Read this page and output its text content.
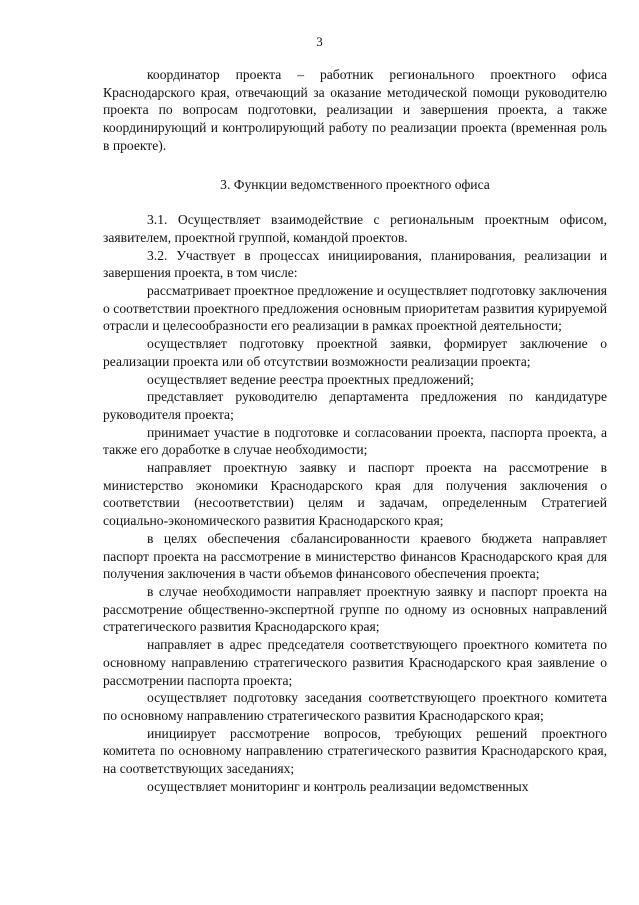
3

координатор проекта – работник регионального проектного офиса Краснодарского края, отвечающий за оказание методической помощи руководителю проекта по вопросам подготовки, реализации и завершения проекта, а также координирующий и контролирующий работу по реализации проекта (временная роль в проекте).

3. Функции ведомственного проектного офиса

3.1. Осуществляет взаимодействие с региональным проектным офисом, заявителем, проектной группой, командой проектов.

3.2. Участвует в процессах инициирования, планирования, реализации и завершения проекта, в том числе:

рассматривает проектное предложение и осуществляет подготовку заключения о соответствии проектного предложения основным приоритетам развития курируемой отрасли и целесообразности его реализации в рамках проектной деятельности;

осуществляет подготовку проектной заявки, формирует заключение о реализации проекта или об отсутствии возможности реализации проекта;

осуществляет ведение реестра проектных предложений;

представляет руководителю департамента предложения по кандидатуре руководителя проекта;

принимает участие в подготовке и согласовании проекта, паспорта проекта, а также его доработке в случае необходимости;

направляет проектную заявку и паспорт проекта на рассмотрение в министерство экономики Краснодарского края для получения заключения о соответствии (несоответствии) целям и задачам, определенным Стратегией социально-экономического развития Краснодарского края;

в целях обеспечения сбалансированности краевого бюджета направляет паспорт проекта на рассмотрение в министерство финансов Краснодарского края для получения заключения в части объемов финансового обеспечения проекта;

в случае необходимости направляет проектную заявку и паспорт проекта на рассмотрение общественно-экспертной группе по одному из основных направлений стратегического развития Краснодарского края;

направляет в адрес председателя соответствующего проектного комитета по основному направлению стратегического развития Краснодарского края заявление о рассмотрении паспорта проекта;

осуществляет подготовку заседания соответствующего проектного комитета по основному направлению стратегического развития Краснодарского края;

инициирует рассмотрение вопросов, требующих решений проектного комитета по основному направлению стратегического развития Краснодарского края, на соответствующих заседаниях;

осуществляет мониторинг и контроль реализации ведомственных
